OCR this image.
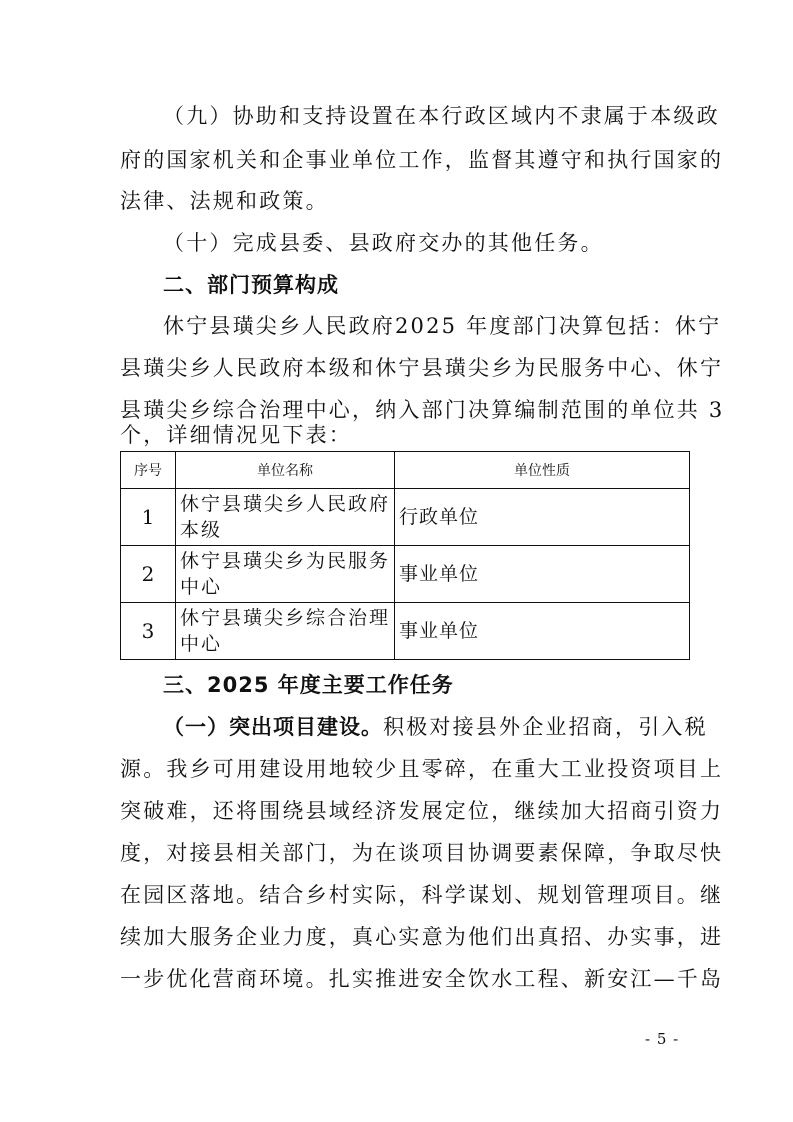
（九）协助和支持设置在本行政区域内不隶属于本级政
府的国家机关和企事业单位工作，监督其遵守和执行国家的
法律、法规和政策。
（十）完成县委、县政府交办的其他任务。
二、部门预算构成
休宁县璜尖乡人民政府2025 年度部门决算包括：休宁
县璜尖乡人民政府本级和休宁县璜尖乡为民服务中心、休宁
县璜尖乡综合治理中心，纳入部门决算编制范围的单位共 3
个，详细情况见下表：
序号	单位名称	单位性质
1	休宁县璜尖乡人民政府本级	行政单位
2	休宁县璜尖乡为民服务中心	事业单位
3	休宁县璜尖乡综合治理中心	事业单位
三、2025 年度主要工作任务
（一）突出项目建设。积极对接县外企业招商，引入税
源。我乡可用建设用地较少且零碎，在重大工业投资项目上
突破难，还将围绕县域经济发展定位，继续加大招商引资力
度，对接县相关部门，为在谈项目协调要素保障，争取尽快
在园区落地。结合乡村实际，科学谋划、规划管理项目。继
续加大服务企业力度，真心实意为他们出真招、办实事，进
一步优化营商环境。扎实推进安全饮水工程、新安江—千岛
- 5 -
